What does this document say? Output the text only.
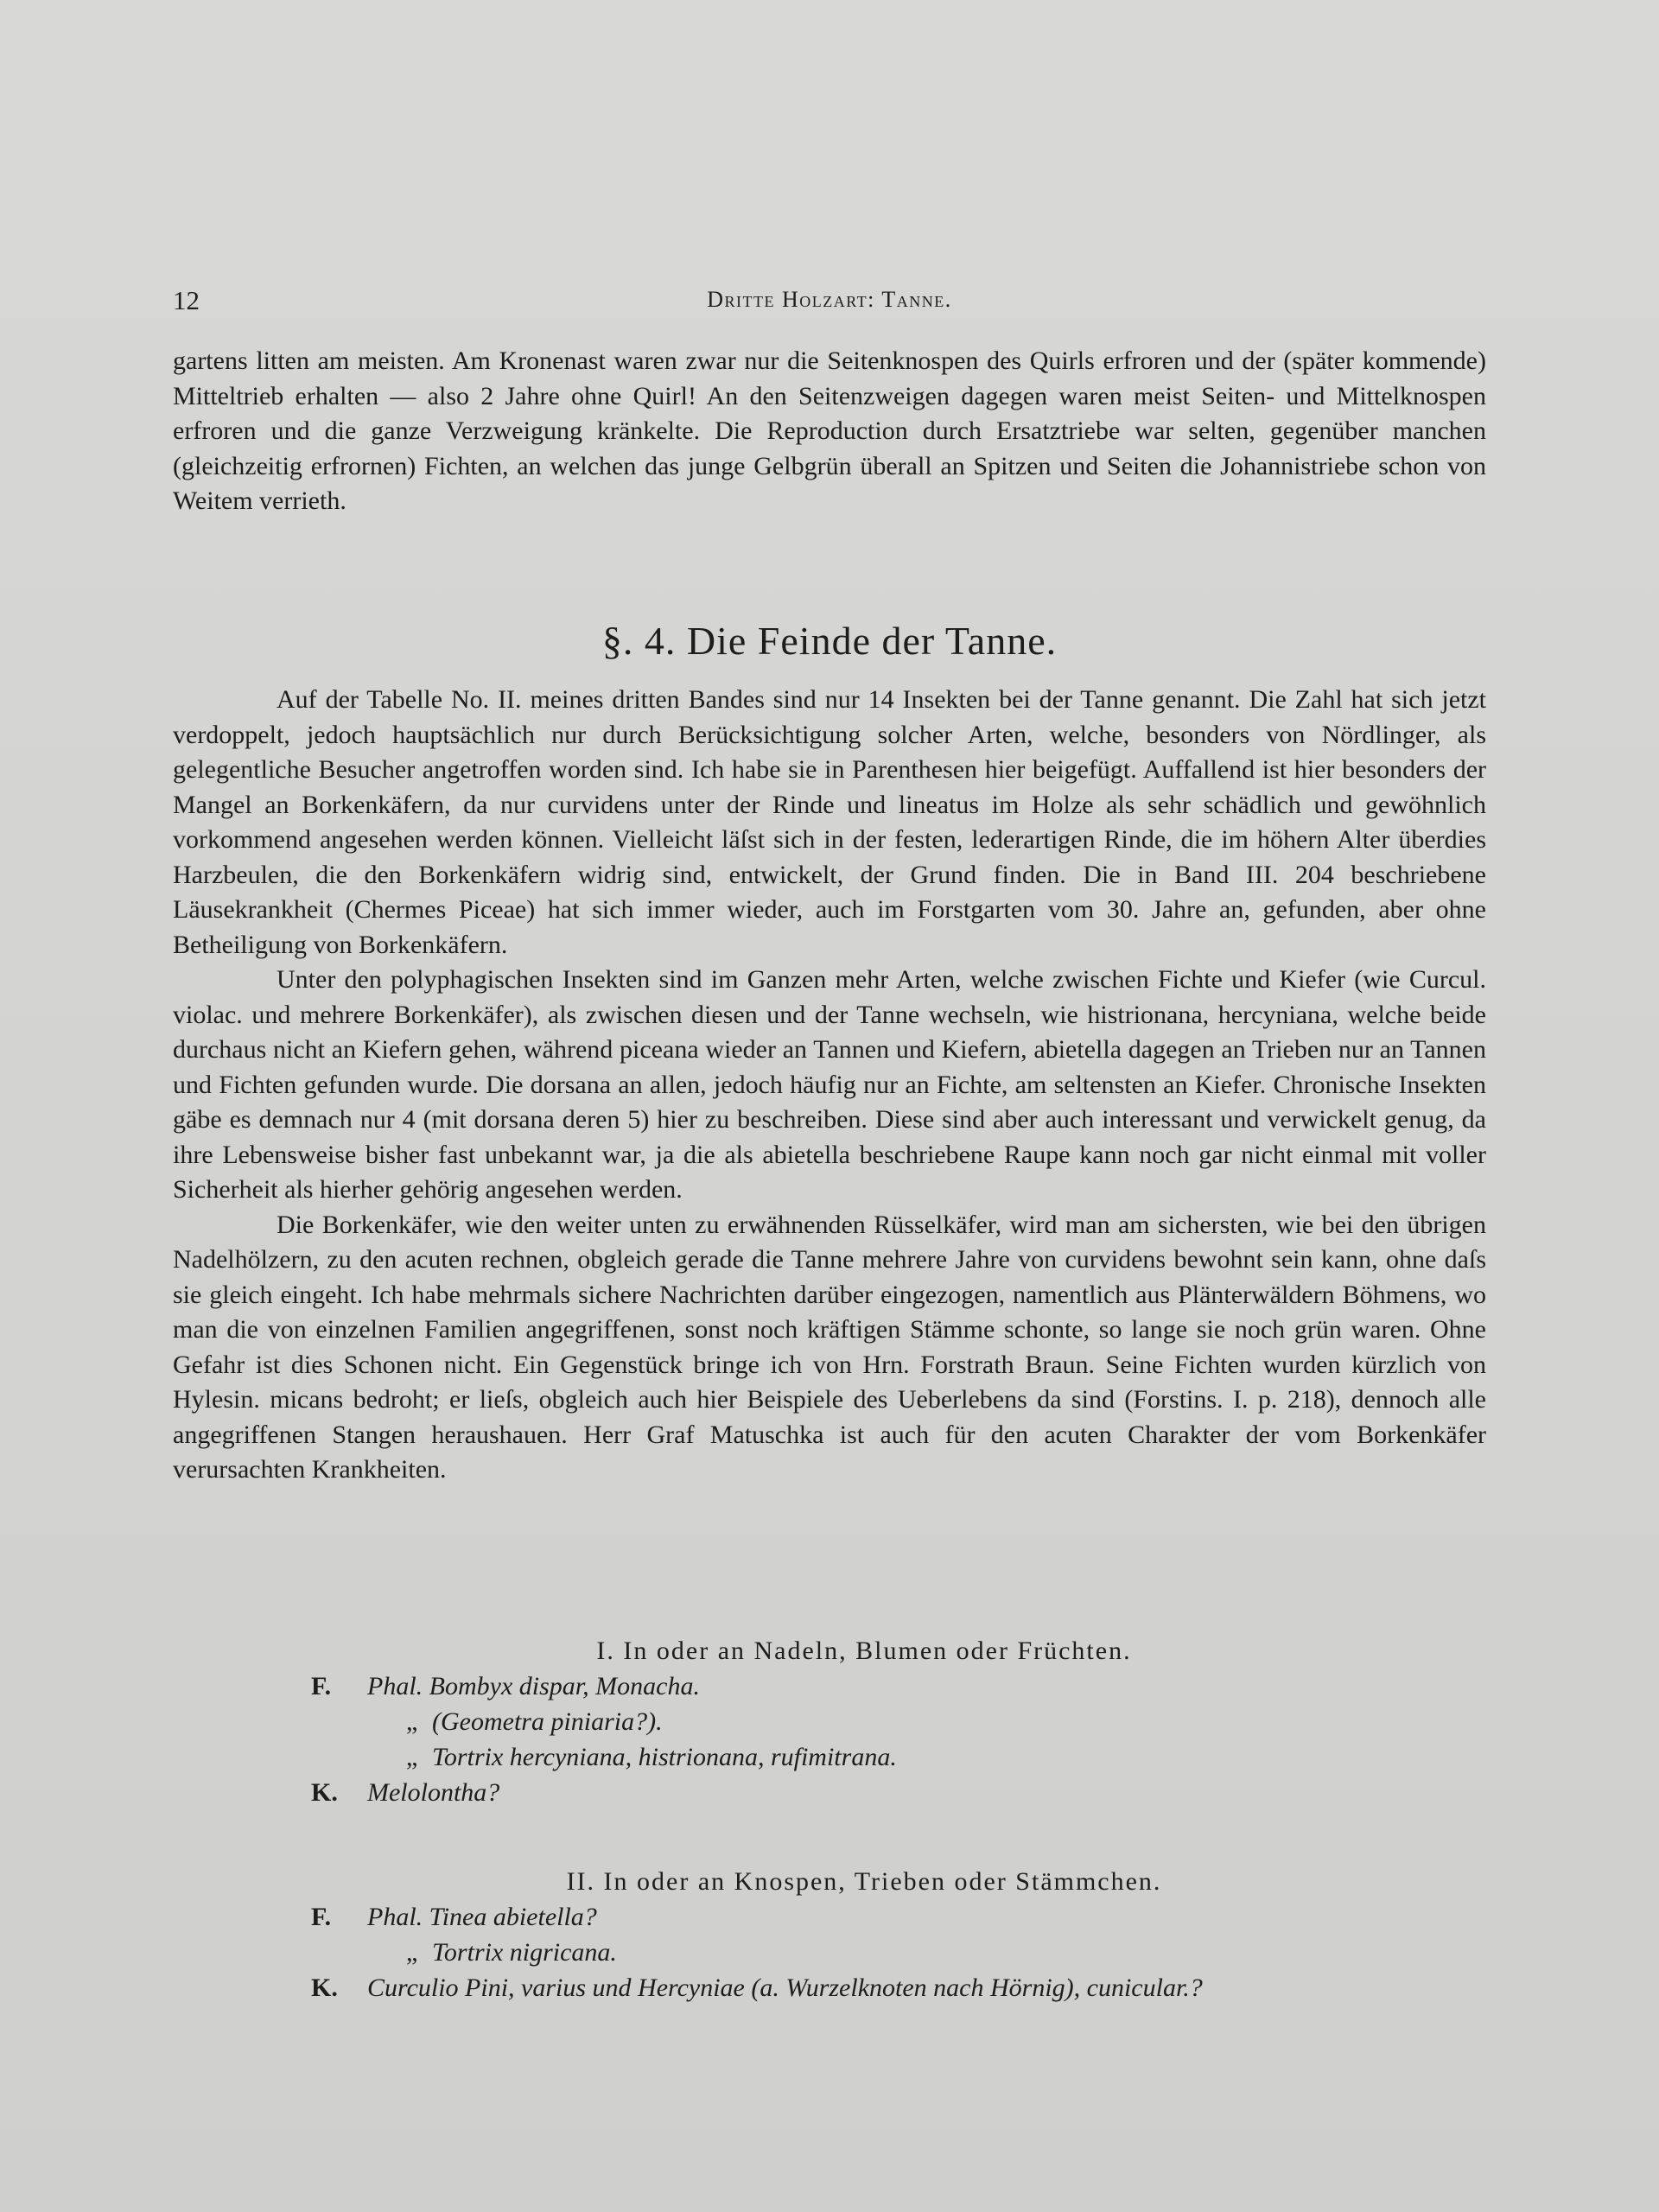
12	Dritte Holzart: Tanne.
gartens litten am meisten. Am Kronenast waren zwar nur die Seitenknospen des Quirls erfroren und der (später kommende) Mitteltrieb erhalten — also 2 Jahre ohne Quirl! An den Seitenzweigen dagegen waren meist Seiten- und Mittelknospen erfroren und die ganze Verzweigung kränkelte. Die Reproduction durch Ersatztriebe war selten, gegenüber manchen (gleichzeitig erfrornen) Fichten, an welchen das junge Gelbgrün überall an Spitzen und Seiten die Johannistriebe schon von Weitem verrieth.
§. 4. Die Feinde der Tanne.

Auf der Tabelle No. II. meines dritten Bandes sind nur 14 Insekten bei der Tanne genannt. Die Zahl hat sich jetzt verdoppelt, jedoch hauptsächlich nur durch Berücksichtigung solcher Arten, welche, besonders von Nördlinger, als gelegentliche Besucher angetroffen worden sind. Ich habe sie in Parenthesen hier beigefügt. Auffallend ist hier besonders der Mangel an Borkenkäfern, da nur curvidens unter der Rinde und lineatus im Holze als sehr schädlich und gewöhnlich vorkommend angesehen werden können. Vielleicht läſst sich in der festen, lederartigen Rinde, die im höhern Alter überdies Harzbeulen, die den Borkenkäfern widrig sind, entwickelt, der Grund finden. Die in Band III. 204 beschriebene Läusekrankheit (Chermes Piceae) hat sich immer wieder, auch im Forstgarten vom 30. Jahre an, gefunden, aber ohne Betheiligung von Borkenkäfern.

Unter den polyphagischen Insekten sind im Ganzen mehr Arten, welche zwischen Fichte und Kiefer (wie Curcul. violac. und mehrere Borkenkäfer), als zwischen diesen und der Tanne wechseln, wie histrionana, hercyniana, welche beide durchaus nicht an Kiefern gehen, während piceana wieder an Tannen und Kiefern, abietella dagegen an Trieben nur an Tannen und Fichten gefunden wurde. Die dorsana an allen, jedoch häufig nur an Fichte, am seltensten an Kiefer. Chronische Insekten gäbe es demnach nur 4 (mit dorsana deren 5) hier zu beschreiben. Diese sind aber auch interessant und verwickelt genug, da ihre Lebensweise bisher fast unbekannt war, ja die als abietella beschriebene Raupe kann noch gar nicht einmal mit voller Sicherheit als hierher gehörig angesehen werden.

Die Borkenkäfer, wie den weiter unten zu erwähnenden Rüsselkäfer, wird man am sichersten, wie bei den übrigen Nadelhölzern, zu den acuten rechnen, obgleich gerade die Tanne mehrere Jahre von curvidens bewohnt sein kann, ohne daſs sie gleich eingeht. Ich habe mehrmals sichere Nachrichten darüber eingezogen, namentlich aus Plänterwäldern Böhmens, wo man die von einzelnen Familien angegriffenen, sonst noch kräftigen Stämme schonte, so lange sie noch grün waren. Ohne Gefahr ist dies Schonen nicht. Ein Gegenstück bringe ich von Hrn. Forstrath Braun. Seine Fichten wurden kürzlich von Hylesin. micans bedroht; er lieſs, obgleich auch hier Beispiele des Ueberlebens da sind (Forstins. I. p. 218), dennoch alle angegriffenen Stangen heraushauen. Herr Graf Matuschka ist auch für den acuten Charakter der vom Borkenkäfer verursachten Krankheiten.

I. In oder an Nadeln, Blumen oder Früchten.
F. Phal. Bombyx dispar, Monacha.
„ (Geometra piniaria?).
„ Tortrix hercyniana, histrionana, rufimitrana.
K. Melolontha?
II. In oder an Knospen, Trieben oder Stämmchen.
F. Phal. Tinea abietella?
„ Tortrix nigricana.
K. Curculio Pini, varius und Hercyniae (a. Wurzelknoten nach Hörnig), cunicular.?
